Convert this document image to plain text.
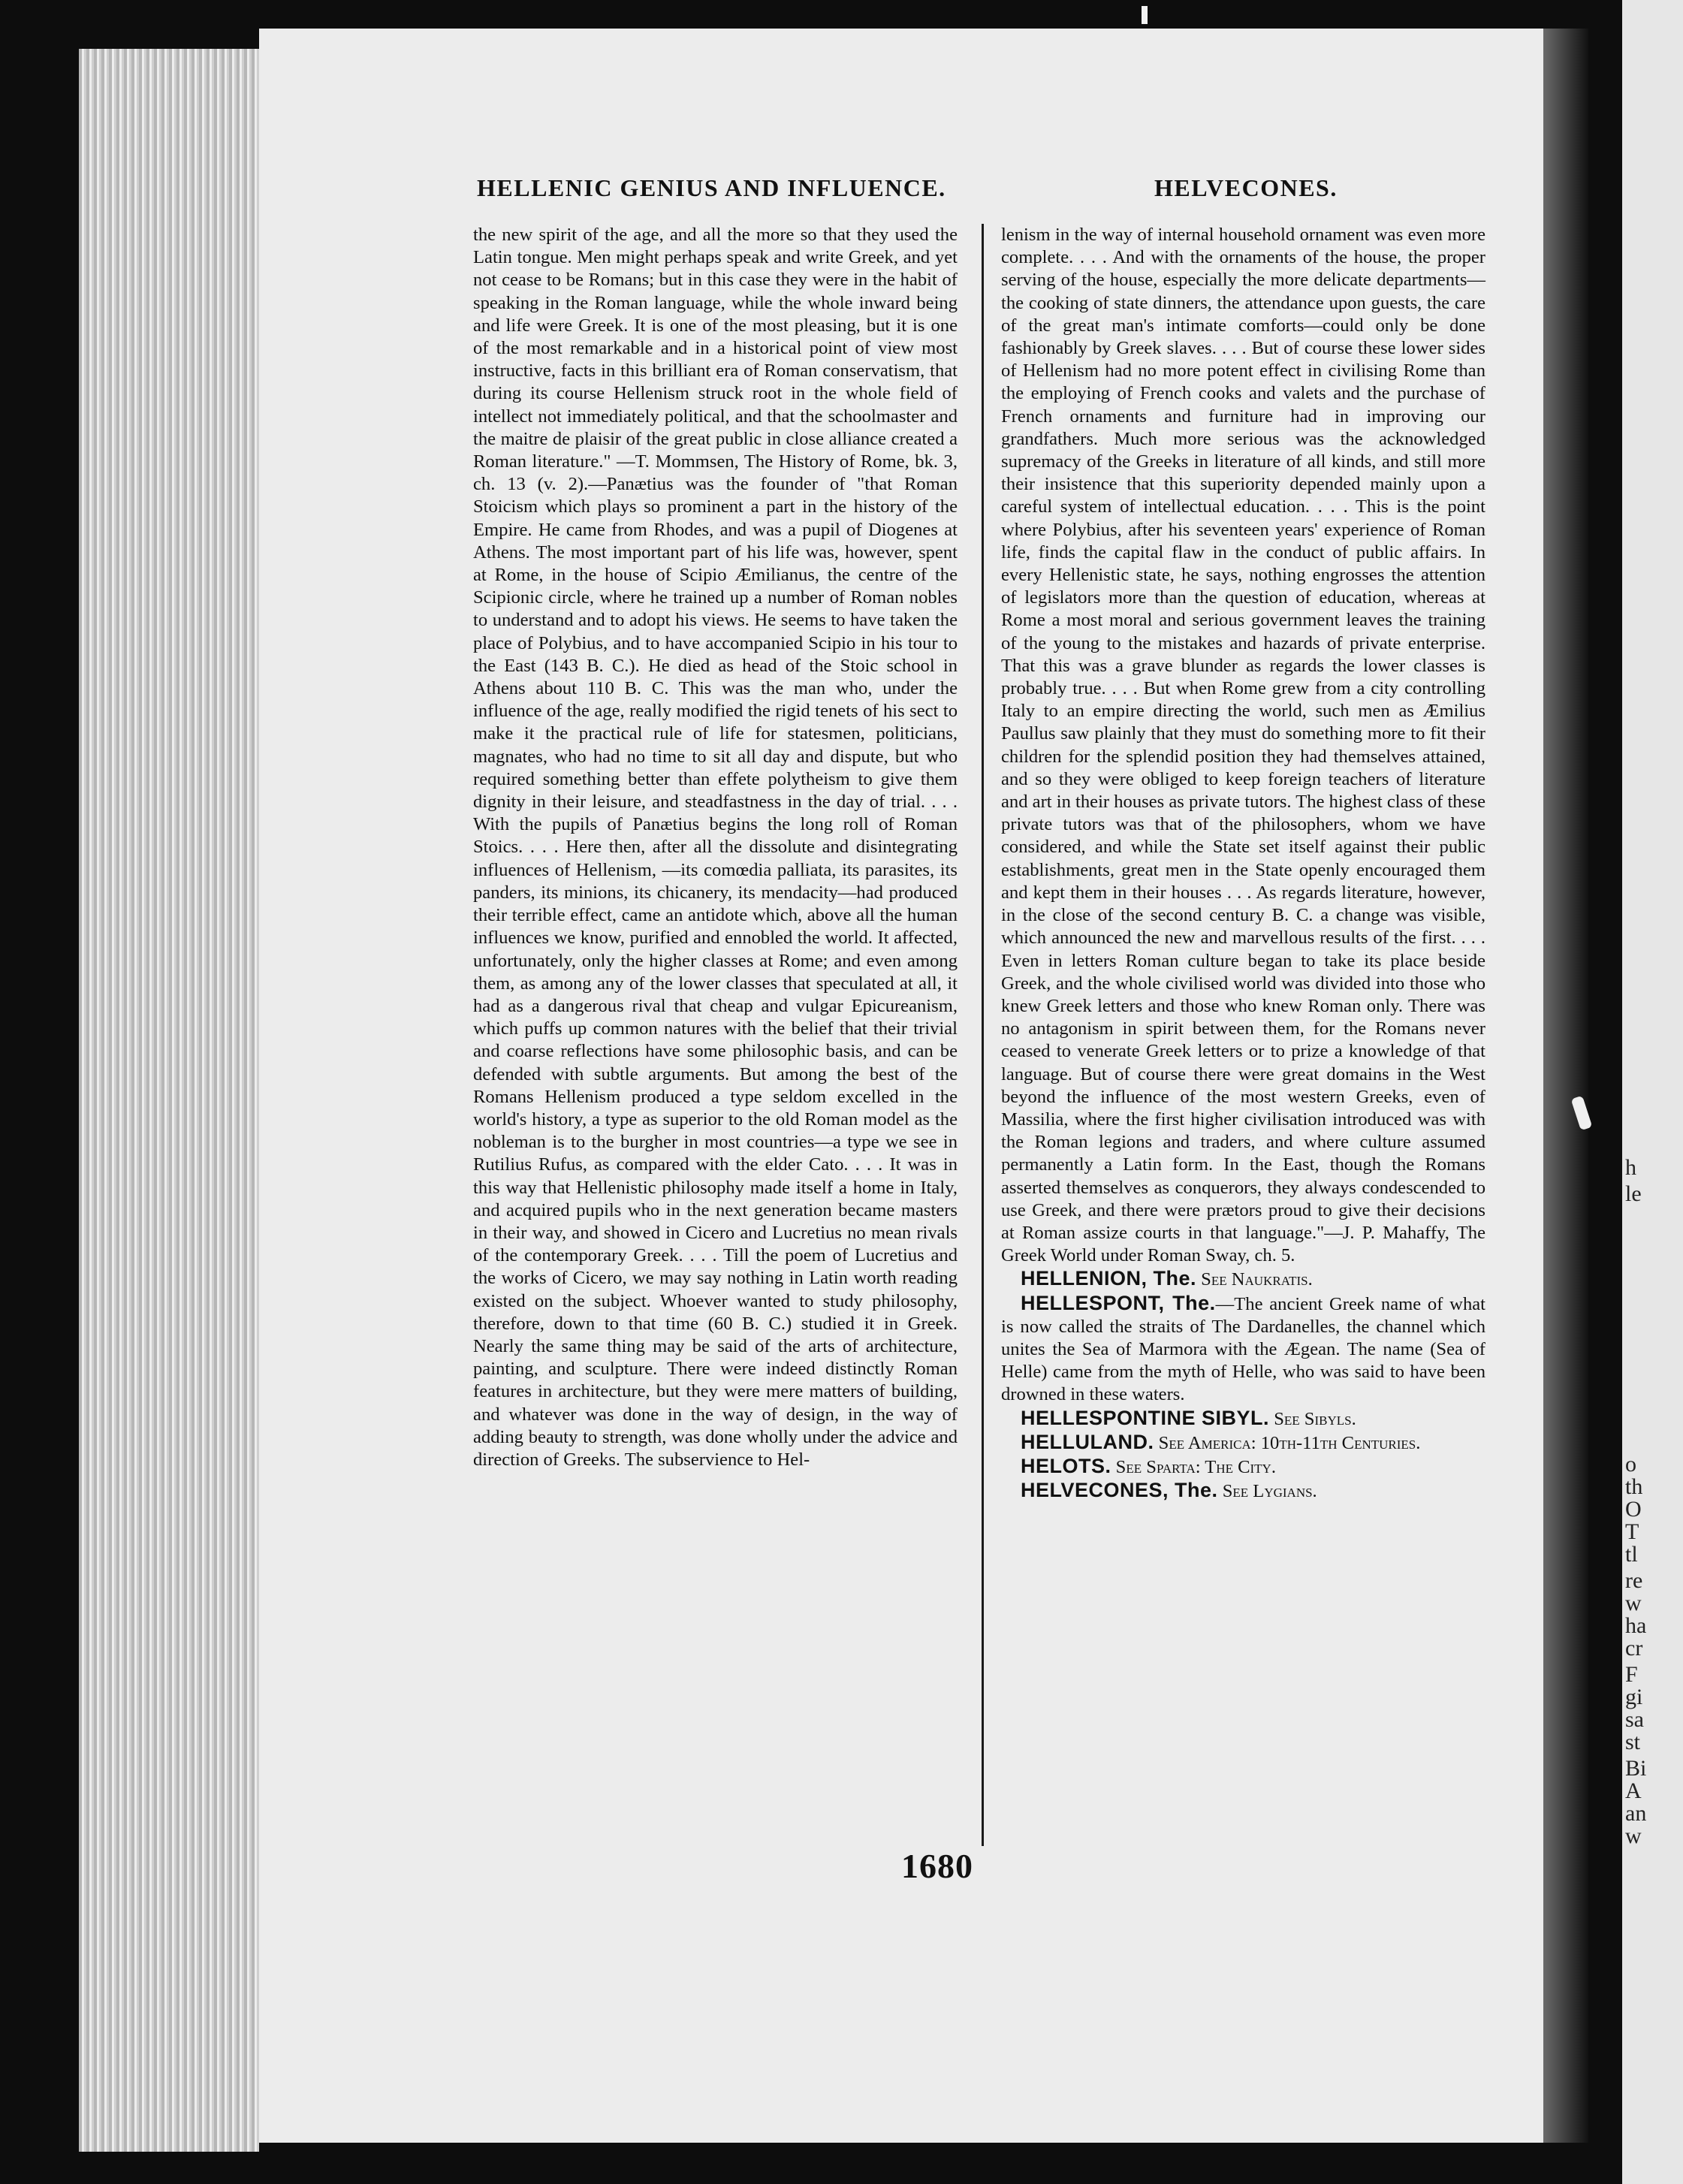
h
le
o
th
O
T
tl
re
w
ha
cr
F
gi
sa
st
Bi
A
an
w
HELLENIC GENIUS AND INFLUENCE.	HELVECONES.

the new spirit of the age, and all the more so that they used the Latin tongue. Men might perhaps speak and write Greek, and yet not cease to be Romans; but in this case they were in the habit of speaking in the Roman language, while the whole inward being and life were Greek. It is one of the most pleasing, but it is one of the most remarkable and in a historical point of view most instructive, facts in this brilliant era of Roman conservatism, that during its course Hellenism struck root in the whole field of intellect not immediately political, and that the schoolmaster and the maitre de plaisir of the great public in close alliance created a Roman literature." —T. Mommsen, The History of Rome, bk. 3, ch. 13 (v. 2).—Panætius was the founder of "that Roman Stoicism which plays so prominent a part in the history of the Empire. He came from Rhodes, and was a pupil of Diogenes at Athens. The most important part of his life was, however, spent at Rome, in the house of Scipio Æmilianus, the centre of the Scipionic circle, where he trained up a number of Roman nobles to understand and to adopt his views. He seems to have taken the place of Polybius, and to have accompanied Scipio in his tour to the East (143 B. C.). He died as head of the Stoic school in Athens about 110 B. C. This was the man who, under the influence of the age, really modified the rigid tenets of his sect to make it the practical rule of life for statesmen, politicians, magnates, who had no time to sit all day and dispute, but who required something better than effete polytheism to give them dignity in their leisure, and steadfastness in the day of trial. . . . With the pupils of Panætius begins the long roll of Roman Stoics. . . . Here then, after all the dissolute and disintegrating influences of Hellenism, —its comœdia palliata, its parasites, its panders, its minions, its chicanery, its mendacity—had produced their terrible effect, came an antidote which, above all the human influences we know, purified and ennobled the world. It affected, unfortunately, only the higher classes at Rome; and even among them, as among any of the lower classes that speculated at all, it had as a dangerous rival that cheap and vulgar Epicureanism, which puffs up common natures with the belief that their trivial and coarse reflections have some philosophic basis, and can be defended with subtle arguments. But among the best of the Romans Hellenism produced a type seldom excelled in the world's history, a type as superior to the old Roman model as the nobleman is to the burgher in most countries—a type we see in Rutilius Rufus, as compared with the elder Cato. . . . It was in this way that Hellenistic philosophy made itself a home in Italy, and acquired pupils who in the next generation became masters in their way, and showed in Cicero and Lucretius no mean rivals of the contemporary Greek. . . . Till the poem of Lucretius and the works of Cicero, we may say nothing in Latin worth reading existed on the subject. Whoever wanted to study philosophy, therefore, down to that time (60 B. C.) studied it in Greek. Nearly the same thing may be said of the arts of architecture, painting, and sculpture. There were indeed distinctly Roman features in architecture, but they were mere matters of building, and whatever was done in the way of design, in the way of adding beauty to strength, was done wholly under the advice and direction of Greeks. The subservience to Hel-

lenism in the way of internal household ornament was even more complete. . . . And with the ornaments of the house, the proper serving of the house, especially the more delicate departments—the cooking of state dinners, the attendance upon guests, the care of the great man's intimate comforts—could only be done fashionably by Greek slaves. . . . But of course these lower sides of Hellenism had no more potent effect in civilising Rome than the employing of French cooks and valets and the purchase of French ornaments and furniture had in improving our grandfathers. Much more serious was the acknowledged supremacy of the Greeks in literature of all kinds, and still more their insistence that this superiority depended mainly upon a careful system of intellectual education. . . . This is the point where Polybius, after his seventeen years' experience of Roman life, finds the capital flaw in the conduct of public affairs. In every Hellenistic state, he says, nothing engrosses the attention of legislators more than the question of education, whereas at Rome a most moral and serious government leaves the training of the young to the mistakes and hazards of private enterprise. That this was a grave blunder as regards the lower classes is probably true. . . . But when Rome grew from a city controlling Italy to an empire directing the world, such men as Æmilius Paullus saw plainly that they must do something more to fit their children for the splendid position they had themselves attained, and so they were obliged to keep foreign teachers of literature and art in their houses as private tutors. The highest class of these private tutors was that of the philosophers, whom we have considered, and while the State set itself against their public establishments, great men in the State openly encouraged them and kept them in their houses . . . As regards literature, however, in the close of the second century B. C. a change was visible, which announced the new and marvellous results of the first. . . . Even in letters Roman culture began to take its place beside Greek, and the whole civilised world was divided into those who knew Greek letters and those who knew Roman only. There was no antagonism in spirit between them, for the Romans never ceased to venerate Greek letters or to prize a knowledge of that language. But of course there were great domains in the West beyond the influence of the most western Greeks, even of Massilia, where the first higher civilisation introduced was with the Roman legions and traders, and where culture assumed permanently a Latin form. In the East, though the Romans asserted themselves as conquerors, they always condescended to use Greek, and there were prætors proud to give their decisions at Roman assize courts in that language."—J. P. Mahaffy, The Greek World under Roman Sway, ch. 5.

HELLENION, The. See Naukratis.

HELLESPONT, The.—The ancient Greek name of what is now called the straits of The Dardanelles, the channel which unites the Sea of Marmora with the Ægean. The name (Sea of Helle) came from the myth of Helle, who was said to have been drowned in these waters.

HELLESPONTINE SIBYL. See Sibyls.

HELLULAND. See America: 10th-11th Centuries.

HELOTS. See Sparta: The City.

HELVECONES, The. See Lygians.

1680
